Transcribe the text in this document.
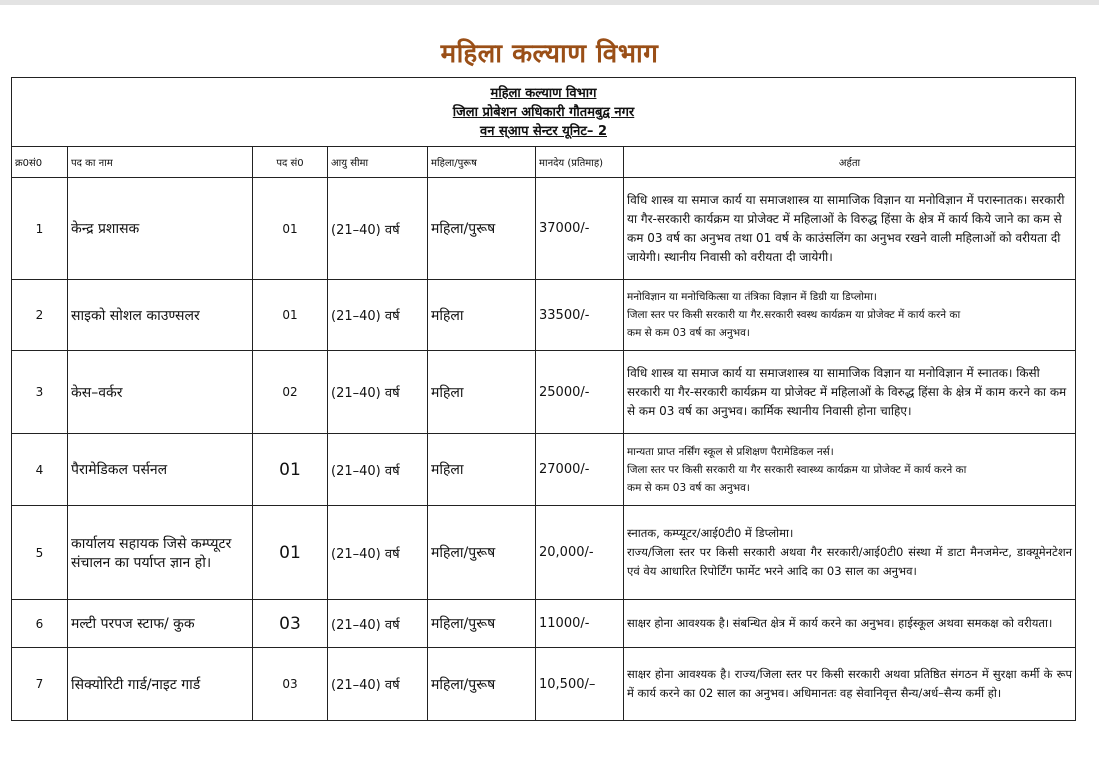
महिला कल्याण विभाग
महिला कल्याण विभाग
जिला प्रोबेशन अधिकारी गौतमबुद्व नगर
वन स्आप सेन्टर यूनिट– 2						

क्र0सं0	पद का नाम	पद सं0	आयु सीमा	महिला/पुरूष	मानदेय (प्रतिमाह)	अर्हता
1	केन्द्र प्रशासक	01	(21–40) वर्ष	महिला/पुरूष	37000/-	विधि शास्त्र या समाज कार्य या समाजशास्त्र या सामाजिक विज्ञान या मनोविज्ञान में परास्नातक। सरकारी या गैर-सरकारी कार्यक्रम या प्रोजेक्ट में महिलाओं के विरुद्ध हिंसा के क्षेत्र में कार्य किये जाने का कम से कम 03 वर्ष का अनुभव तथा 01 वर्ष के काउंसलिंग का अनुभव रखने वाली महिलाओं को वरीयता दी जायेगी। स्थानीय निवासी को वरीयता दी जायेगी।
2	साइको सोशल काउण्सलर	01	(21–40) वर्ष	महिला	33500/-	मनोविज्ञान या मनोचिकित्सा या तंत्रिका विज्ञान में डिग्री या डिप्लोमा।
जिला स्तर पर किसी सरकारी या गैर.सरकारी स्वस्थ कार्यक्रम या प्रोजेक्ट में कार्य करने का
कम से कम 03 वर्ष का अनुभव।

3	केस–वर्कर	02	(21–40) वर्ष	महिला	25000/-	विधि शास्त्र या समाज कार्य या समाजशास्त्र या सामाजिक विज्ञान या मनोविज्ञान में स्नातक। किसी सरकारी या गैर-सरकारी कार्यक्रम या प्रोजेक्ट में महिलाओं के विरुद्ध हिंसा के क्षेत्र में काम करने का कम से कम 03 वर्ष का अनुभव। कार्मिक स्थानीय निवासी होना चाहिए।
4	पैरामेडिकल पर्सनल	01	(21–40) वर्ष	महिला	27000/-	मान्यता प्राप्त नर्सिंग स्कूल से प्रशिक्षण पैरामेडिकल नर्स।
जिला स्तर पर किसी सरकारी या गैर सरकारी स्वास्थ्य कार्यक्रम या प्रोजेक्ट में कार्य करने का
कम से कम 03 वर्ष का अनुभव।

5	कार्यालय सहायक जिसे कम्प्यूटर संचालन का पर्याप्त ज्ञान हो।	01	(21–40) वर्ष	महिला/पुरूष	20,000/-	स्नातक, कम्प्यूटर/आई0टी0 में डिप्लोमा।
राज्य/जिला स्तर पर किसी सरकारी अथवा गैर सरकारी/आई0टी0 संस्था में डाटा मैनजमेन्ट, डाक्यूमेनटेशन एवं वेय आधारित रिपोर्टिंग फार्मेट भरने आदि का 03 साल का अनुभव।

6	मल्टी परपज स्टाफ/ कुक	03	(21–40) वर्ष	महिला/पुरूष	11000/-	साक्षर होना आवश्यक है। संबन्धित क्षेत्र में कार्य करने का अनुभव। हाईस्कूल अथवा समकक्ष को वरीयता।
7	सिक्योरिटी गार्ड/नाइट गार्ड	03	(21–40) वर्ष	महिला/पुरूष	10,500/–	साक्षर होना आवश्यक है। राज्य/जिला स्तर पर किसी सरकारी अथवा प्रतिष्ठित संगठन में सुरक्षा कर्मी के रूप में कार्य करने का 02 साल का अनुभव। अधिमानतः वह सेवानिवृत्त सैन्य/अर्ध–सैन्य कर्मी हो।
